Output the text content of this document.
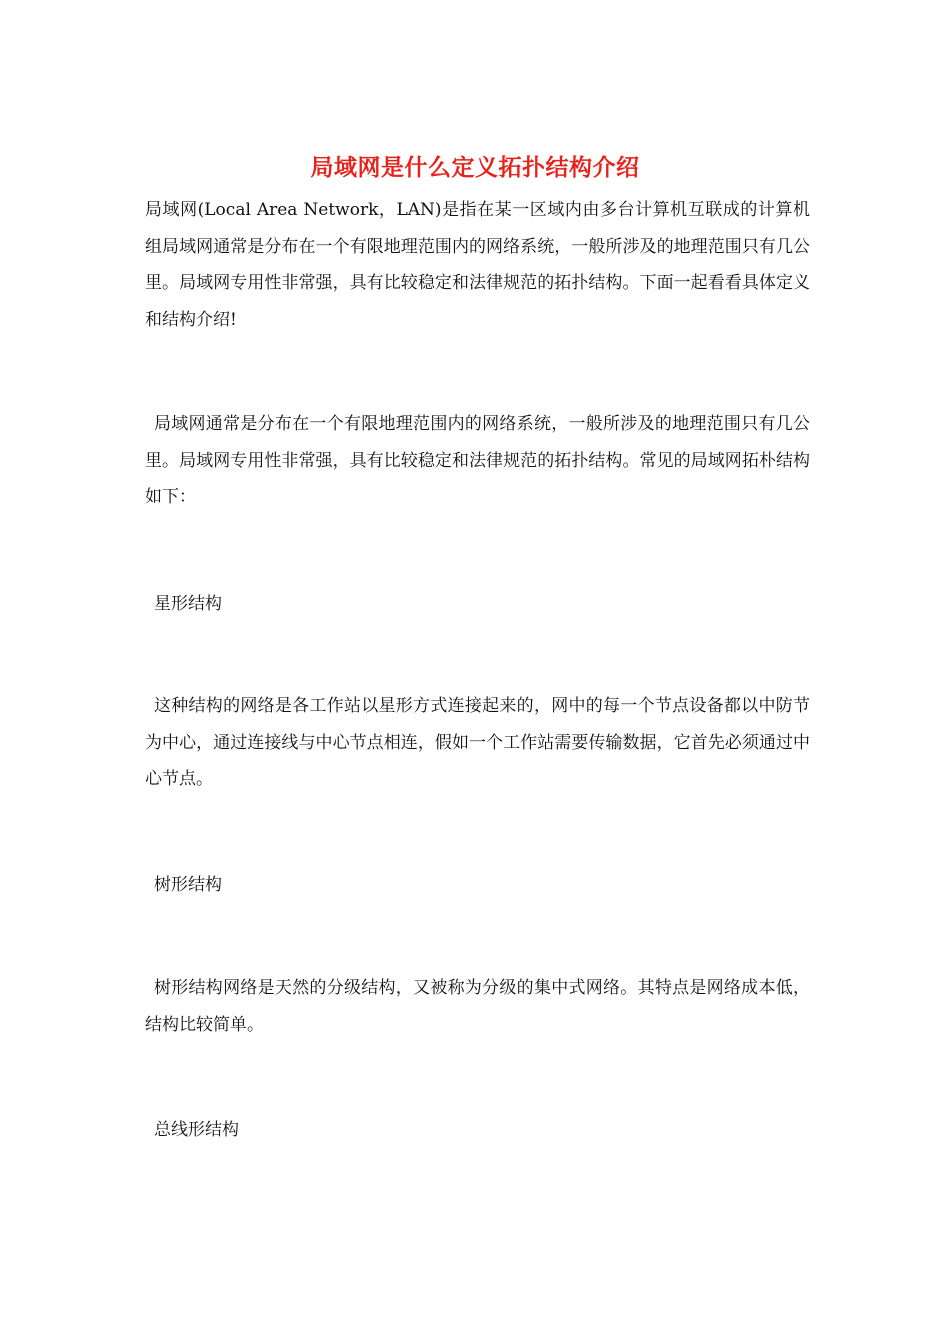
局域网是什么定义拓扑结构介绍

局域网(Local Area Network，LAN)是指在某一区域内由多台计算机互联成的计算机组局域网通常是分布在一个有限地理范围内的网络系统，一般所涉及的地理范围只有几公里。局域网专用性非常强，具有比较稳定和法律规范的拓扑结构。下面一起看看具体定义和结构介绍!

局域网通常是分布在一个有限地理范围内的网络系统，一般所涉及的地理范围只有几公里。局域网专用性非常强，具有比较稳定和法律规范的拓扑结构。常见的局域网拓朴结构如下：

星形结构

这种结构的网络是各工作站以星形方式连接起来的，网中的每一个节点设备都以中防节为中心，通过连接线与中心节点相连，假如一个工作站需要传输数据，它首先必须通过中心节点。

树形结构

树形结构网络是天然的分级结构，又被称为分级的集中式网络。其特点是网络成本低，结构比较简单。

总线形结构
